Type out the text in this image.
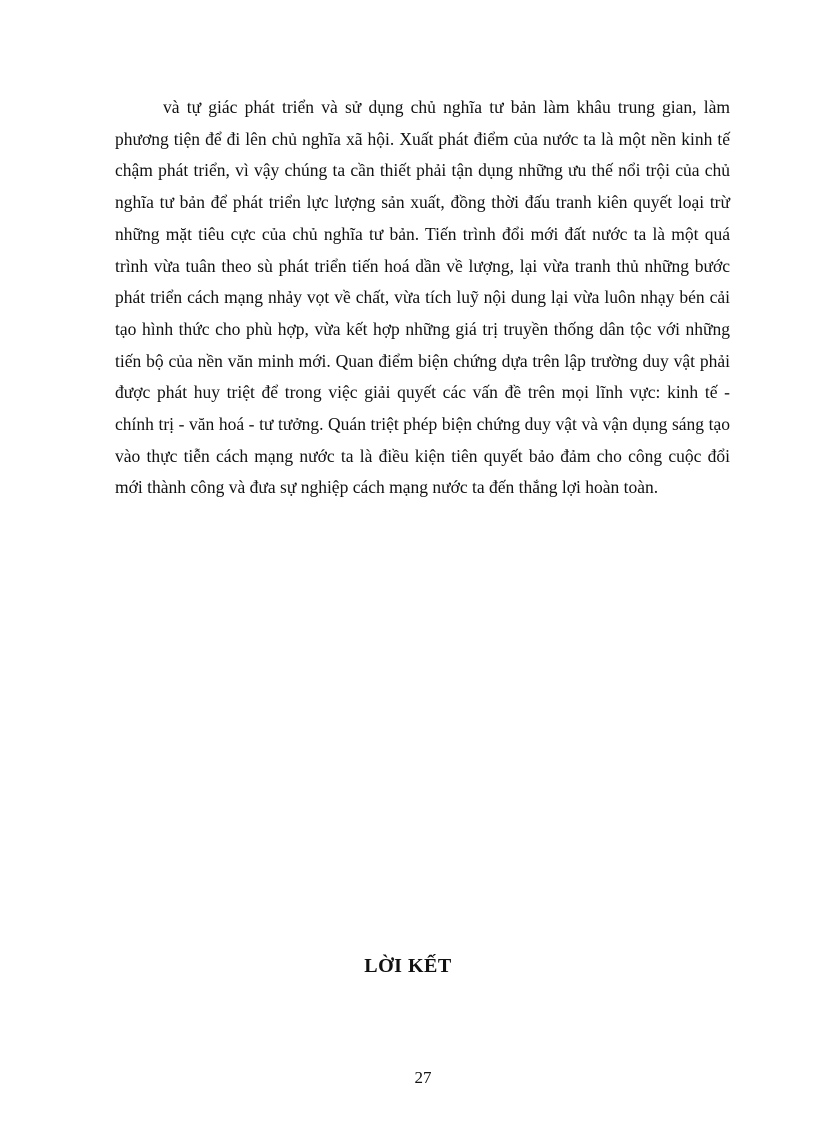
và tự giác phát triển và sử dụng chủ nghĩa tư bản làm khâu trung gian, làm phương tiện để đi lên chủ nghĩa xã hội. Xuất phát điểm của nước ta là một nền kinh tế chậm phát triển, vì vậy chúng ta cần thiết phải tận dụng những ưu thế nổi trội của chủ nghĩa tư bản để phát triển lực lượng sản xuất, đồng thời đấu tranh kiên quyết loại trừ những mặt tiêu cực của chủ nghĩa tư bản. Tiến trình đổi mới đất nước ta là một quá trình vừa tuân theo sù phát triển tiến hoá dần về lượng, lại vừa tranh thủ những bước phát triển cách mạng nhảy vọt về chất, vừa tích luỹ nội dung lại vừa luôn nhạy bén cải tạo hình thức cho phù hợp, vừa kết hợp những giá trị truyền thống dân tộc với những tiến bộ của nền văn minh mới. Quan điểm biện chứng dựa trên lập trường duy vật phải được phát huy triệt để trong việc giải quyết các vấn đề trên mọi lĩnh vực: kinh tế - chính trị - văn hoá - tư tưởng. Quán triệt phép biện chứng duy vật và vận dụng sáng tạo vào thực tiễn cách mạng nước ta là điều kiện tiên quyết bảo đảm cho công cuộc đổi mới thành công và đưa sự nghiệp cách mạng nước ta đến thắng lợi hoàn toàn.

LỜI KẾT
27
